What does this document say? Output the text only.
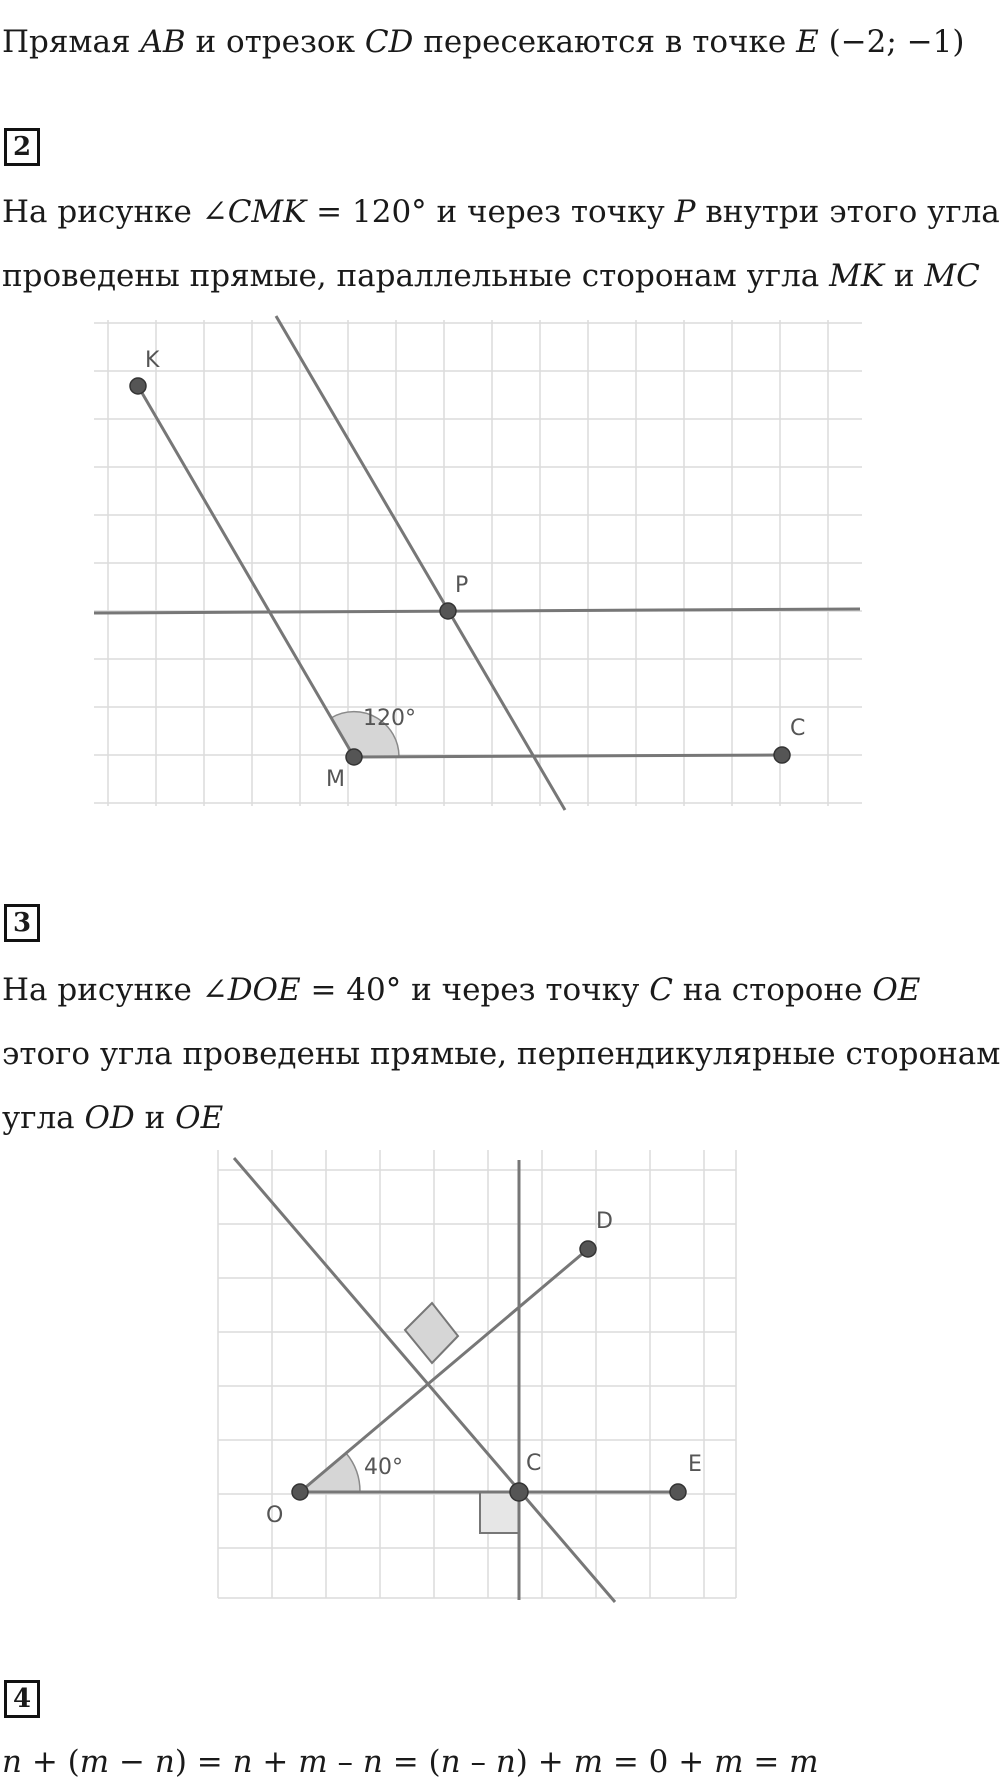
Прямая AB и отрезок CD пересекаются в точке E (−2; −1)
2
На рисунке ∠CMK = 120° и через точку P внутри этого угла
проведены прямые, параллельные сторонам угла MK и MC
K
P
M
C
120°
D
O
C	E
40°
3
На рисунке ∠DOE = 40° и через точку C на стороне OE
этого угла проведены прямые, перпендикулярные сторонам
угла OD и OE
4
n + (m − n) = n + m – n = (n – n) + m = 0 + m = m
